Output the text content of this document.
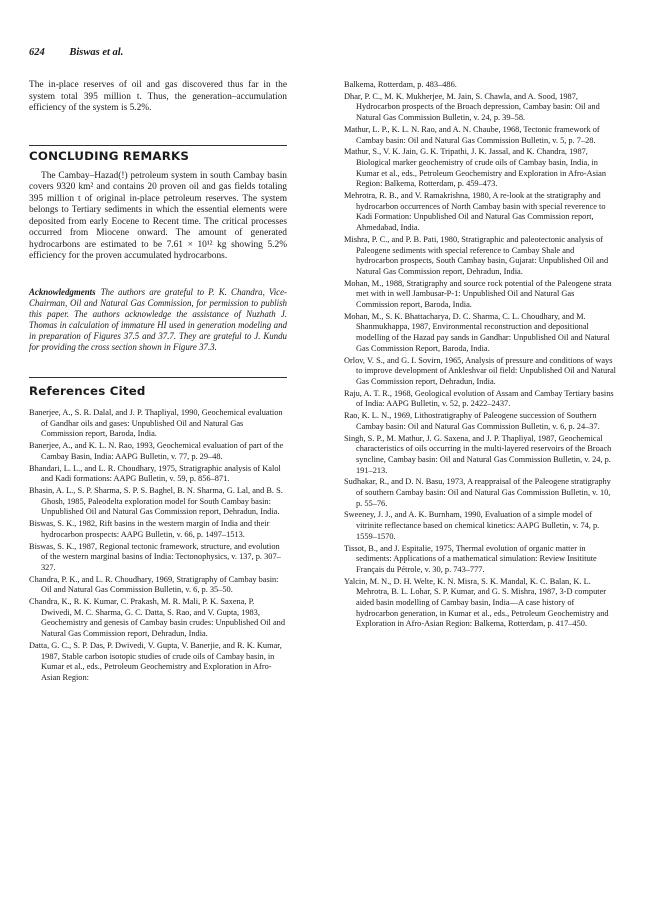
624 Biswas et al.

The in-place reserves of oil and gas discovered thus far in the system total 395 million t. Thus, the generation–accumulation efficiency of the system is 5.2%.

CONCLUDING REMARKS

The Cambay–Hazad(!) petroleum system in south Cambay basin covers 9320 km² and contains 20 proven oil and gas fields totaling 395 million t of original in-place petroleum reserves. The system belongs to Tertiary sediments in which the essential elements were deposited from early Eocene to Recent time. The critical processes occurred from Miocene onward. The amount of generated hydrocarbons are estimated to be 7.61 × 10¹² kg showing 5.2% efficiency for the proven accumulated hydrocarbons.

Acknowledgments The authors are grateful to P. K. Chandra, Vice-Chairman, Oil and Natural Gas Commission, for permission to publish this paper. The authors acknowledge the assistance of Nuzhath J. Thomas in calculation of immature HI used in generation modeling and in preparation of Figures 37.5 and 37.7. They are grateful to J. Kundu for providing the cross section shown in Figure 37.3.

References Cited
Banerjee, A., S. R. Dalal, and J. P. Thapliyal, 1990, Geochemical evaluation of Gandhar oils and gases: Unpublished Oil and Natural Gas Commission report, Baroda, India.
Banerjee, A., and K. L. N. Rao, 1993, Geochemical evaluation of part of the Cambay Basin, India: AAPG Bulletin, v. 77, p. 29–48.
Bhandari, L. L., and L. R. Choudhary, 1975, Stratigraphic analysis of Kalol and Kadi formations: AAPG Bulletin, v. 59, p. 856–871.
Bhasin, A. L., S. P. Sharma, S. P. S. Baghel, B. N. Sharma, G. Lal, and B. S. Ghosh, 1985, Paleodelta exploration model for South Cambay basin: Unpublished Oil and Natural Gas Commission report, Dehradun, India.
Biswas, S. K., 1982, Rift basins in the western margin of India and their hydrocarbon prospects: AAPG Bulletin, v. 66, p. 1497–1513.
Biswas, S. K., 1987, Regional tectonic framework, structure, and evolution of the western marginal basins of India: Tectonophysics, v. 137, p. 307–327.
Chandra, P. K., and L. R. Choudhary, 1969, Stratigraphy of Cambay basin: Oil and Natural Gas Commission Bulletin, v. 6, p. 35–50.
Chandra, K., R. K. Kumar, C. Prakash, M. R. Mali, P. K. Saxena, P. Dwivedi, M. C. Sharma, G. C. Datta, S. Rao, and V. Gupta, 1983, Geochemistry and genesis of Cambay basin crudes: Unpublished Oil and Natural Gas Commission report, Dehradun, India.
Datta, G. C., S. P. Das, P. Dwivedi, V. Gupta, V. Banerjie, and R. K. Kumar, 1987, Stable carbon isotopic studies of crude oils of Cambay basin, in Kumar et al., eds., Petroleum Geochemistry and Exploration in Afro-Asian Region:
Balkema, Rotterdam, p. 483–486.
Dhar, P. C., M. K. Mukherjee, M. Jain, S. Chawla, and A. Sood, 1987, Hydrocarbon prospects of the Broach depression, Cambay basin: Oil and Natural Gas Commission Bulletin, v. 24, p. 39–58.
Mathur, L. P., K. L. N. Rao, and A. N. Chaube, 1968, Tectonic framework of Cambay basin: Oil and Natural Gas Commission Bulletin, v. 5, p. 7–28.
Mathur, S., V. K. Jain, G. K. Tripathi, J. K. Jassal, and K. Chandra, 1987, Biological marker geochemistry of crude oils of Cambay basin, India, in Kumar et al., eds., Petroleum Geochemistry and Exploration in Afro-Asian Region: Balkema, Rotterdam, p. 459–473.
Mehrotra, R. B., and V. Ramakrishna, 1980, A re-look at the stratigraphy and hydrocarbon occurrences of North Cambay basin with special reverence to Kadi Formation: Unpublished Oil and Natural Gas Commission report, Ahmedabad, India.
Mishra, P. C., and P. B. Pati, 1980, Stratigraphic and paleotectonic analysis of Paleogene sediments with special reference to Cambay Shale and hydrocarbon prospects, South Cambay basin, Gujarat: Unpublished Oil and Natural Gas Commission report, Dehradun, India.
Mohan, M., 1988, Stratigraphy and source rock potential of the Paleogene strata met with in well Jambusar-P-1: Unpublished Oil and Natural Gas Commission report, Baroda, India.
Mohan, M., S. K. Bhattacharya, D. C. Sharma, C. L. Choudhary, and M. Shanmukhappa, 1987, Environmental reconstruction and depositional modelling of the Hazad pay sands in Gandhar: Unpublished Oil and Natural Gas Commission Report, Baroda, India.
Orlov, V. S., and G. I. Sovirn, 1965, Analysis of pressure and conditions of ways to improve development of Ankleshvar oil field: Unpublished Oil and Natural Gas Commission report, Dehradun, India.
Raju, A. T. R., 1968, Geological evolution of Assam and Cambay Tertiary basins of India: AAPG Bulletin, v. 52, p. 2422–2437.
Rao, K. L. N., 1969, Lithostratigraphy of Paleogene succession of Southern Cambay basin: Oil and Natural Gas Commission Bulletin, v. 6, p. 24–37.
Singh, S. P., M. Mathur, J. G. Saxena, and J. P. Thapliyal, 1987, Geochemical characteristics of oils occurring in the multi-layered reservoirs of the Broach syncline, Cambay basin: Oil and Natural Gas Commission Bulletin, v. 24, p. 191–213.
Sudhakar, R., and D. N. Basu, 1973, A reappraisal of the Paleogene stratigraphy of southern Cambay basin: Oil and Natural Gas Commission Bulletin, v. 10, p. 55–76.
Sweeney, J. J., and A. K. Burnham, 1990, Evaluation of a simple model of vitrinite reflectance based on chemical kinetics: AAPG Bulletin, v. 74, p. 1559–1570.
Tissot, B., and J. Espitalie, 1975, Thermal evolution of organic matter in sediments: Applications of a mathematical simulation: Review Insititute Français du Pétrole, v. 30, p. 743–777.
Yalcin, M. N., D. H. Welte, K. N. Misra, S. K. Mandal, K. C. Balan, K. L. Mehrotra, B. L. Lohar, S. P. Kumar, and G. S. Mishra, 1987, 3-D computer aided basin modelling of Cambay basin, India—A case history of hydrocarbon generation, in Kumar et al., eds., Petroleum Geochemistry and Exploration in Afro-Asian Region: Balkema, Rotterdam, p. 417–450.
